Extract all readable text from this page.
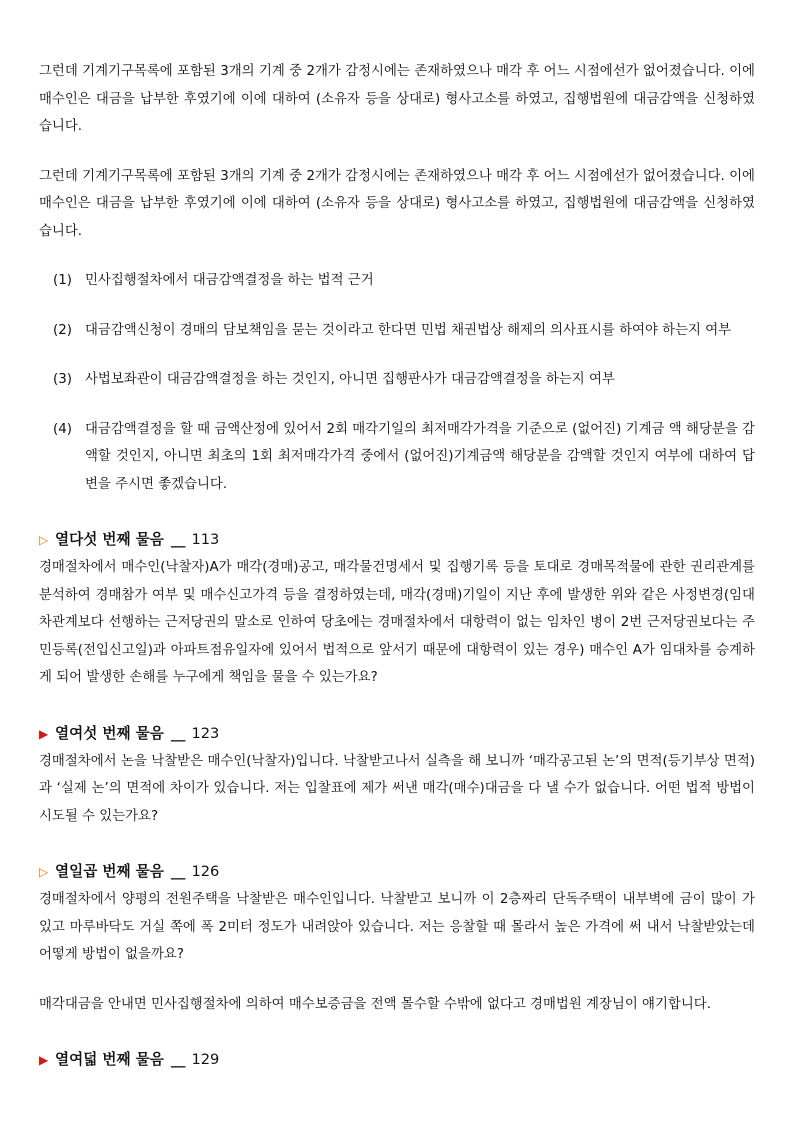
그런데 기계기구목록에 포함된 3개의 기계 중 2개가 감정시에는 존재하였으나 매각 후 어느 시점에선가 없어졌습니다. 이에 매수인은 대금을 납부한 후였기에 이에 대하여 (소유자 등을 상대로) 형사고소를 하였고, 집행법원에 대금감액을 신청하였습니다.

그런데 기계기구목록에 포함된 3개의 기계 중 2개가 감정시에는 존재하였으나 매각 후 어느 시점에선가 없어졌습니다. 이에 매수인은 대금을 납부한 후였기에 이에 대하여 (소유자 등을 상대로) 형사고소를 하였고, 집행법원에 대금감액을 신청하였습니다.

(1) 민사집행절차에서 대금감액결정을 하는 법적 근거

(2) 대금감액신청이 경매의 담보책임을 묻는 것이라고 한다면 민법 채권법상 해제의 의사표시를 하여야 하는지 여부

(3) 사법보좌관이 대금감액결정을 하는 것인지, 아니면 집행판사가 대금감액결정을 하는지 여부

(4) 대금감액결정을 할 때 금액산정에 있어서 2회 매각기일의 최저매각가격을 기준으로 (없어진) 기계금 액 해당분을 감액할 것인지, 아니면 최초의 1회 최저매각가격 중에서 (없어진)기계금액 해당분을 감액할 것인지 여부에 대하여 답변을 주시면 좋겠습니다.

▷ 열다섯 번째 물음 __ 113

경매절차에서 매수인(낙찰자)A가 매각(경매)공고, 매각물건명세서 및 집행기록 등을 토대로 경매목적물에 관한 권리관계를 분석하여 경매참가 여부 및 매수신고가격 등을 결정하였는데, 매각(경매)기일이 지난 후에 발생한 위와 같은 사정변경(임대차관계보다 선행하는 근저당권의 말소로 인하여 당초에는 경매절차에서 대항력이 없는 임차인 병이 2번 근저당권보다는 주민등록(전입신고일)과 아파트점유일자에 있어서 법적으로 앞서기 때문에 대항력이 있는 경우) 매수인 A가 임대차를 승계하게 되어 발생한 손해를 누구에게 책임을 물을 수 있는가요?

▶ 열여섯 번째 물음 __ 123

경매절차에서 논을 낙찰받은 매수인(낙찰자)입니다. 낙찰받고나서 실측을 해 보니까 ‘매각공고된 논’의 면적(등기부상 면적)과 ‘실제 논’의 면적에 차이가 있습니다. 저는 입찰표에 제가 써낸 매각(매수)대금을 다 낼 수가 없습니다. 어떤 법적 방법이 시도될 수 있는가요?

▷ 열일곱 번째 물음 __ 126

경매절차에서 양평의 전원주택을 낙찰받은 매수인입니다. 낙찰받고 보니까 이 2층짜리 단독주택이 내부벽에 금이 많이 가 있고 마루바닥도 거실 쪽에 폭 2미터 정도가 내려앉아 있습니다. 저는 응찰할 때 몰라서 높은 가격에 써 내서 낙찰받았는데 어떻게 방법이 없을까요?

매각대금을 안내면 민사집행절차에 의하여 매수보증금을 전액 몰수할 수밖에 없다고 경매법원 계장님이 얘기합니다.

▶ 열여덟 번째 물음 __ 129
